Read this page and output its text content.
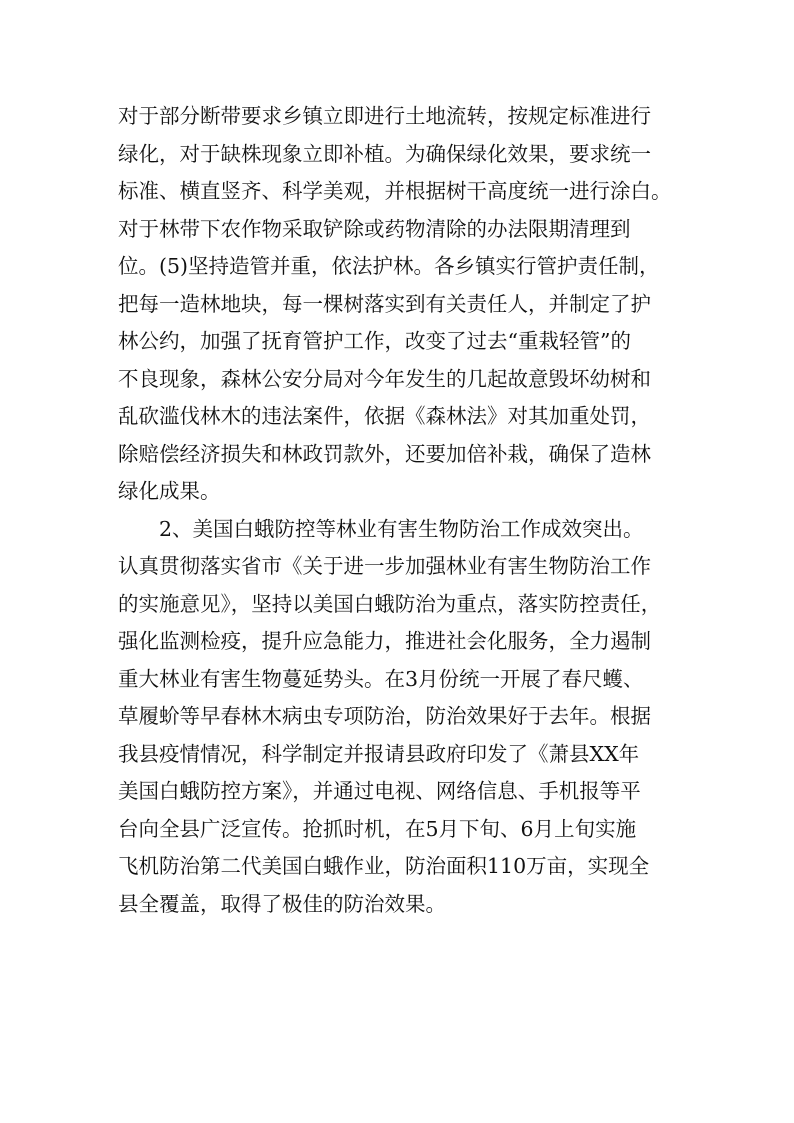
对于部分断带要求乡镇立即进行土地流转，按规定标准进行
绿化，对于缺株现象立即补植。为确保绿化效果，要求统一
标准、横直竖齐、科学美观，并根据树干高度统一进行涂白。
对于林带下农作物采取铲除或药物清除的办法限期清理到
位。(5)坚持造管并重，依法护林。各乡镇实行管护责任制，
把每一造林地块，每一棵树落实到有关责任人，并制定了护
林公约，加强了抚育管护工作，改变了过去“重栽轻管”的
不良现象，森林公安分局对今年发生的几起故意毁坏幼树和
乱砍滥伐林木的违法案件，依据《森林法》对其加重处罚，
除赔偿经济损失和林政罚款外，还要加倍补栽，确保了造林
绿化成果。
2、美国白蛾防控等林业有害生物防治工作成效突出。
认真贯彻落实省市《关于进一步加强林业有害生物防治工作
的实施意见》，坚持以美国白蛾防治为重点，落实防控责任，
强化监测检疫，提升应急能力，推进社会化服务，全力遏制
重大林业有害生物蔓延势头。在3月份统一开展了春尺蠖、
草履蚧等早春林木病虫专项防治，防治效果好于去年。根据
我县疫情情况，科学制定并报请县政府印发了《萧县XX年
美国白蛾防控方案》，并通过电视、网络信息、手机报等平
台向全县广泛宣传。抢抓时机，在5月下旬、6月上旬实施
飞机防治第二代美国白蛾作业，防治面积110万亩，实现全
县全覆盖，取得了极佳的防治效果。
